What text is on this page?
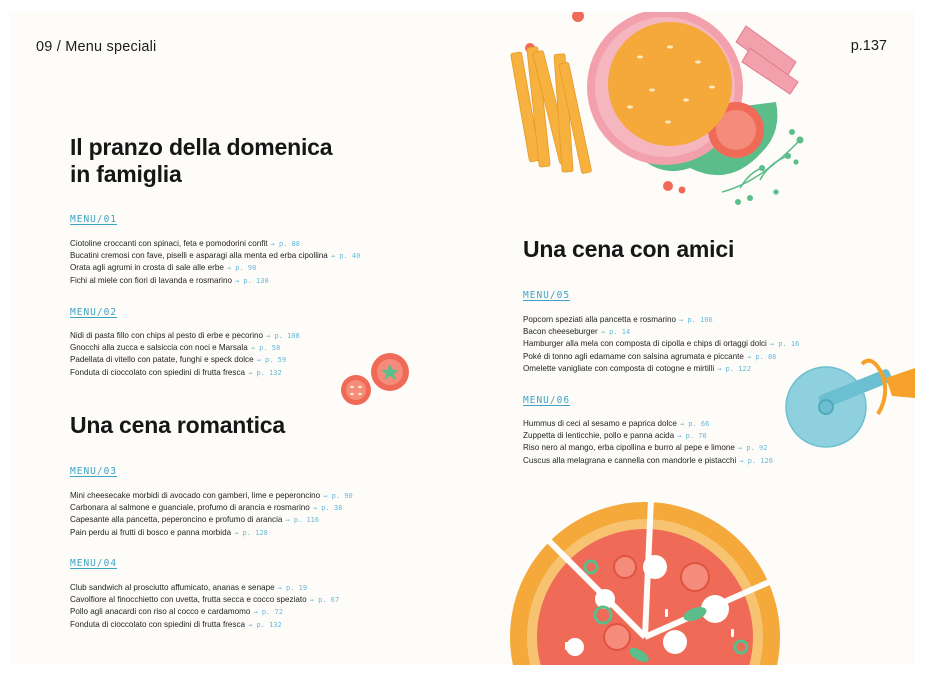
09 / Menu speciali	p.137
Il pranzo della domenica
in famiglia
MENU/01
Ciotoline croccanti con spinaci, feta e pomodorini confit → p. 88
Bucatini cremosi con fave, piselli e asparagi alla menta ed erba cipollina → p. 40
Orata agli agrumi in crosta di sale alle erbe → p. 98
Fichi al miele con fiori di lavanda e rosmarino → p. 130
MENU/02
Nidi di pasta fillo con chips al pesto di erbe e pecorino → p. 108
Gnocchi alla zucca e salsiccia con noci e Marsala → p. 58
Padellata di vitello con patate, funghi e speck dolce → p. 59
Fonduta di cioccolato con spiedini di frutta fresca → p. 132
Una cena romantica
MENU/03
Mini cheesecake morbidi di avocado con gamberi, lime e peperoncino → p. 90
Carbonara al salmone e guanciale, profumo di arancia e rosmarino → p. 38
Capesante alla pancetta, peperoncino e profumo di arancia → p. 116
Pain perdu ai frutti di bosco e panna morbida → p. 128
MENU/04
Club sandwich al prosciutto affumicato, ananas e senape → p. 19
Cavolfiore al finocchietto con uvetta, frutta secca e cocco speziato → p. 67
Pollo agli anacardi con riso al cocco e cardamomo → p. 72
Fonduta di cioccolato con spiedini di frutta fresca → p. 132
Una cena con amici
MENU/05
Popcorn speziati alla pancetta e rosmarino → p. 106
Bacon cheeseburger → p. 14
Hamburger alla mela con composta di cipolla e chips di ortaggi dolci → p. 16
Poké di tonno agli edamame con salsina agrumata e piccante → p. 86
Omelette vanigliate con composta di cotogne e mirtilli → p. 122
MENU/06
Hummus di ceci al sesamo e paprica dolce → p. 66
Zuppetta di lenticchie, pollo e panna acida → p. 70
Riso nero al mango, erba cipollina e burro al pepe e limone → p. 92
Cuscus alla melagrana e cannella con mandorle e pistacchi → p. 126
